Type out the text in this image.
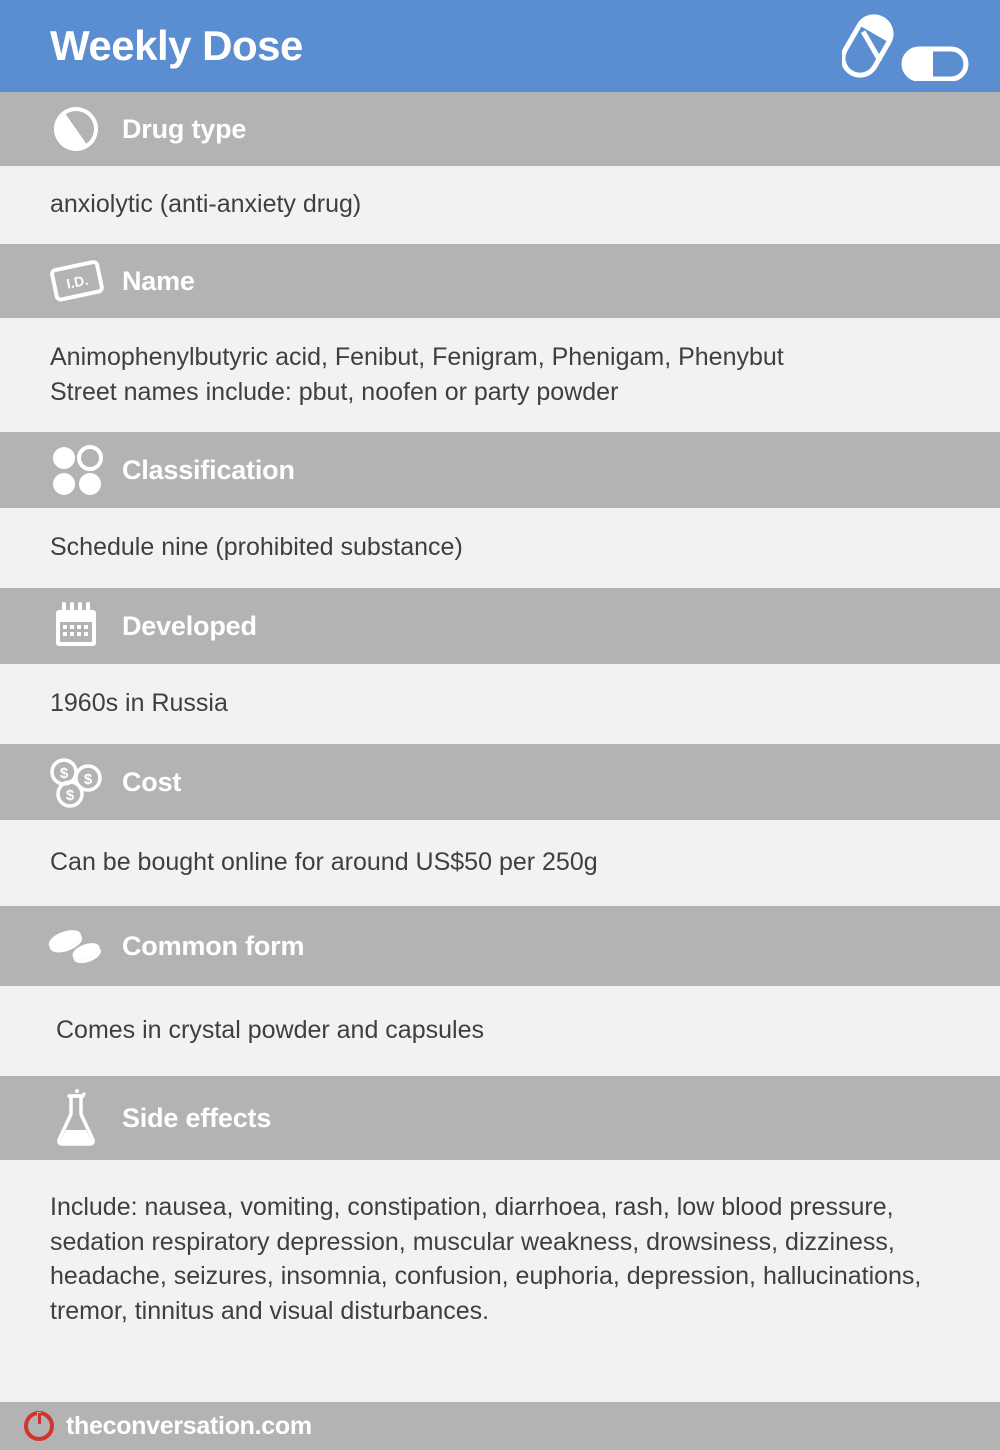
Weekly Dose
Drug type

anxiolytic (anti-anxiety drug)

I.D. Name

Animophenylbutyric acid, Fenibut, Fenigram, Phenigam, Phenybut

Street names include: pbut, noofen or party powder

Classification

Schedule nine (prohibited substance)

Developed

1960s in Russia

$ $
$ Cost

Can be bought online for around US$50 per 250g

Common form

Comes in crystal powder and capsules

Side effects

Include: nausea, vomiting, constipation, diarrhoea, rash, low blood pressure, sedation respiratory depression, muscular weakness, drowsiness, dizziness, headache, seizures, insomnia, confusion, euphoria, depression, hallucinations, tremor, tinnitus and visual disturbances.

theconversation.com
